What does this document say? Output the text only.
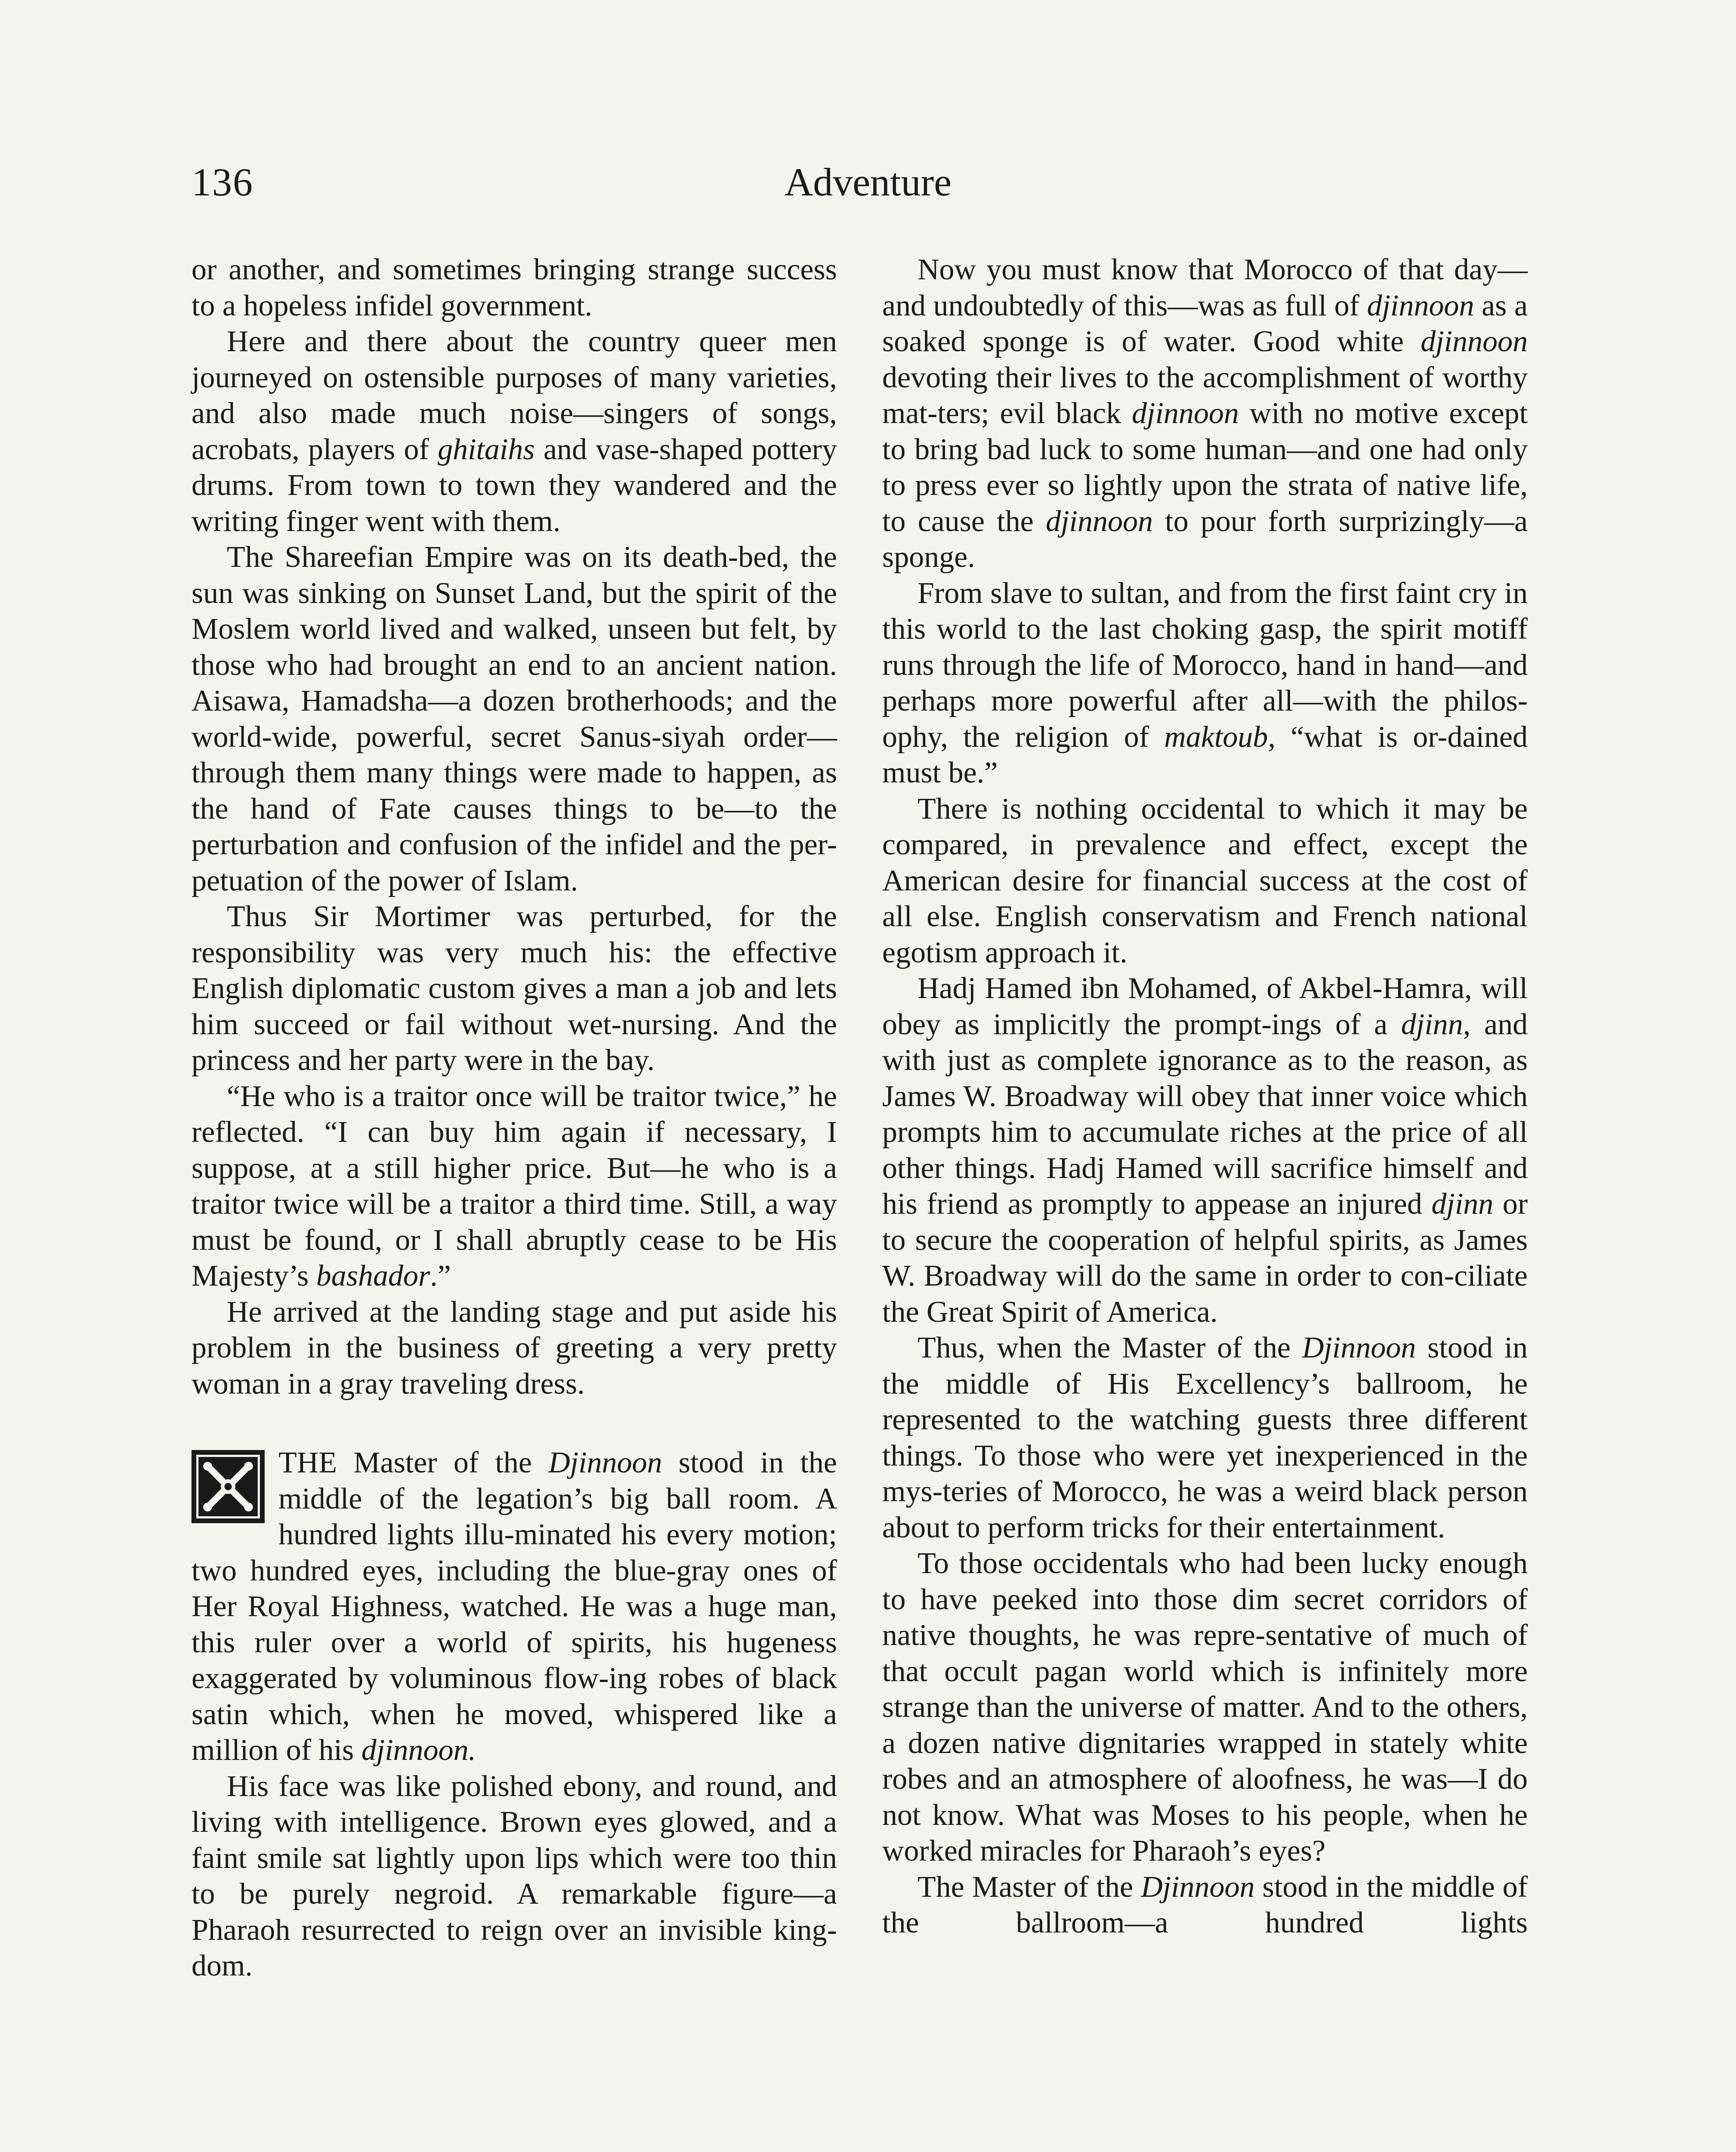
136	Adventure

or another, and sometimes bringing strange success to a hopeless infidel government.

Here and there about the country queer men journeyed on ostensible purposes of many varieties, and also made much noise—singers of songs, acrobats, players of ghitaihs and vase-shaped pottery drums. From town to town they wandered and the writing finger went with them.

The Shareefian Empire was on its death-bed, the sun was sinking on Sunset Land, but the spirit of the Moslem world lived and walked, unseen but felt, by those who had brought an end to an ancient nation. Aisawa, Hamadsha—a dozen brotherhoods; and the world-wide, powerful, secret Sanus-siyah order—through them many things were made to happen, as the hand of Fate causes things to be—to the perturbation and confusion of the infidel and the per-petuation of the power of Islam.

Thus Sir Mortimer was perturbed, for the responsibility was very much his: the effective English diplomatic custom gives a man a job and lets him succeed or fail without wet-nursing. And the princess and her party were in the bay.

“He who is a traitor once will be traitor twice,” he reflected. “I can buy him again if necessary, I suppose, at a still higher price. But—he who is a traitor twice will be a traitor a third time. Still, a way must be found, or I shall abruptly cease to be His Majesty’s bashador.”

He arrived at the landing stage and put aside his problem in the business of greeting a very pretty woman in a gray traveling dress.

THE Master of the Djinnoon stood in the middle of the legation’s big ball room. A hundred lights illu-minated his every motion; two hundred eyes, including the blue-gray ones of Her Royal Highness, watched. He was a huge man, this ruler over a world of spirits, his hugeness exaggerated by voluminous flow-ing robes of black satin which, when he moved, whispered like a million of his djinnoon.

His face was like polished ebony, and round, and living with intelligence. Brown eyes glowed, and a faint smile sat lightly upon lips which were too thin to be purely negroid. A remarkable figure—a Pharaoh resurrected to reign over an invisible king-dom.

Now you must know that Morocco of that day—and undoubtedly of this—was as full of djinnoon as a soaked sponge is of water. Good white djinnoon devoting their lives to the accomplishment of worthy mat-ters; evil black djinnoon with no motive except to bring bad luck to some human—and one had only to press ever so lightly upon the strata of native life, to cause the djinnoon to pour forth surprizingly—a sponge.

From slave to sultan, and from the first faint cry in this world to the last choking gasp, the spirit motiff runs through the life of Morocco, hand in hand—and perhaps more powerful after all—with the philos-ophy, the religion of maktoub, “what is or-dained must be.”

There is nothing occidental to which it may be compared, in prevalence and effect, except the American desire for financial success at the cost of all else. English conservatism and French national egotism approach it.

Hadj Hamed ibn Mohamed, of Akbel-Hamra, will obey as implicitly the prompt-ings of a djinn, and with just as complete ignorance as to the reason, as James W. Broadway will obey that inner voice which prompts him to accumulate riches at the price of all other things. Hadj Hamed will sacrifice himself and his friend as promptly to appease an injured djinn or to secure the cooperation of helpful spirits, as James W. Broadway will do the same in order to con-ciliate the Great Spirit of America.

Thus, when the Master of the Djinnoon stood in the middle of His Excellency’s ballroom, he represented to the watching guests three different things. To those who were yet inexperienced in the mys-teries of Morocco, he was a weird black person about to perform tricks for their entertainment.

To those occidentals who had been lucky enough to have peeked into those dim secret corridors of native thoughts, he was repre-sentative of much of that occult pagan world which is infinitely more strange than the universe of matter. And to the others, a dozen native dignitaries wrapped in stately white robes and an atmosphere of aloofness, he was—I do not know. What was Moses to his people, when he worked miracles for Pharaoh’s eyes?

The Master of the Djinnoon stood in the middle of the ballroom—a hundred lights
